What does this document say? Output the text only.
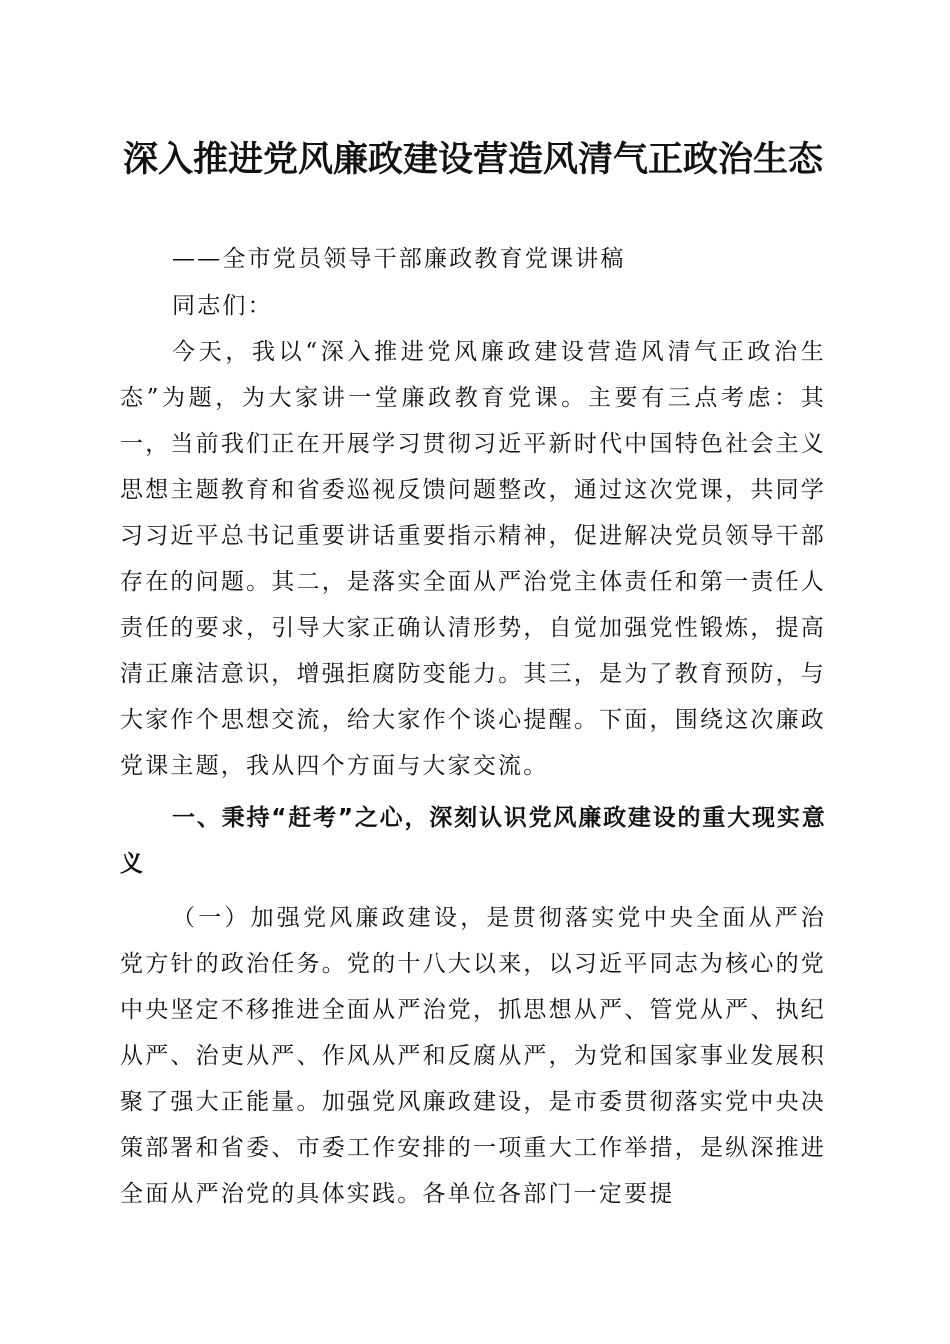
深入推进党风廉政建设营造风清气正政治生态

——全市党员领导干部廉政教育党课讲稿

同志们：

今天，我以“深入推进党风廉政建设营造风清气正政治生态”为题，为大家讲一堂廉政教育党课。主要有三点考虑：其一，当前我们正在开展学习贯彻习近平新时代中国特色社会主义思想主题教育和省委巡视反馈问题整改，通过这次党课，共同学习习近平总书记重要讲话重要指示精神，促进解决党员领导干部存在的问题。其二，是落实全面从严治党主体责任和第一责任人责任的要求，引导大家正确认清形势，自觉加强党性锻炼，提高清正廉洁意识，增强拒腐防变能力。其三，是为了教育预防，与大家作个思想交流，给大家作个谈心提醒。下面，围绕这次廉政党课主题，我从四个方面与大家交流。

一、秉持“赶考”之心，深刻认识党风廉政建设的重大现实意义

（一）加强党风廉政建设，是贯彻落实党中央全面从严治党方针的政治任务。党的十八大以来，以习近平同志为核心的党中央坚定不移推进全面从严治党，抓思想从严、管党从严、执纪从严、治吏从严、作风从严和反腐从严，为党和国家事业发展积聚了强大正能量。加强党风廉政建设，是市委贯彻落实党中央决策部署和省委、市委工作安排的一项重大工作举措，是纵深推进全面从严治党的具体实践。各单位各部门一定要提
